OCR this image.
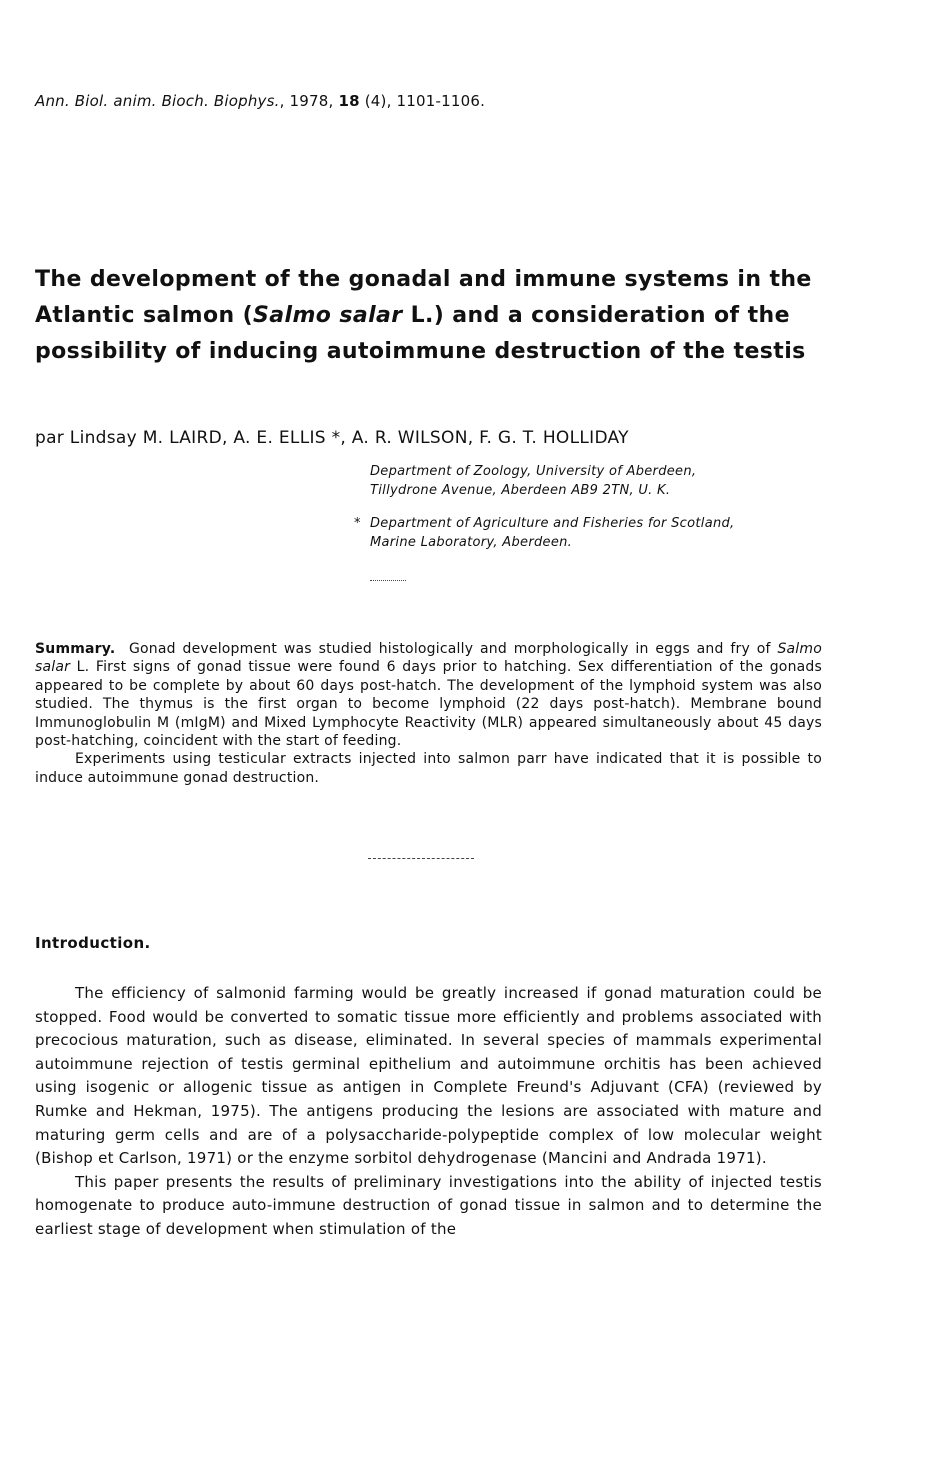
Ann. Biol. anim. Bioch. Biophys., 1978, 18 (4), 1101-1106.
The development of the gonadal and immune systems in the Atlantic salmon (Salmo salar L.) and a consideration of the possibility of inducing autoimmune destruction of the testis
par Lindsay M. LAIRD, A. E. ELLIS *, A. R. WILSON, F. G. T. HOLLIDAY
Department of Zoology, University of Aberdeen,
Tillydrone Avenue, Aberdeen AB9 2TN, U. K.
* Department of Agriculture and Fisheries for Scotland,
Marine Laboratory, Aberdeen.
Summary. Gonad development was studied histologically and morphologically in eggs and fry of Salmo salar L. First signs of gonad tissue were found 6 days prior to hatching. Sex differentiation of the gonads appeared to be complete by about 60 days post-hatch. The development of the lymphoid system was also studied. The thymus is the first organ to become lymphoid (22 days post-hatch). Membrane bound Immunoglobulin M (mIgM) and Mixed Lymphocyte Reactivity (MLR) appeared simultaneously about 45 days post-hatching, coincident with the start of feeding.
Experiments using testicular extracts injected into salmon parr have indicated that it is possible to induce autoimmune gonad destruction.
Introduction.

The efficiency of salmonid farming would be greatly increased if gonad maturation could be stopped. Food would be converted to somatic tissue more efficiently and problems associated with precocious maturation, such as disease, eliminated. In several species of mammals experimental autoimmune rejection of testis germinal epithelium and autoimmune orchitis has been achieved using isogenic or allogenic tissue as antigen in Complete Freund's Adjuvant (CFA) (reviewed by Rumke and Hekman, 1975). The antigens producing the lesions are associated with mature and maturing germ cells and are of a polysaccharide-polypeptide complex of low molecular weight (Bishop et Carlson, 1971) or the enzyme sorbitol dehydrogenase (Mancini and Andrada 1971).

This paper presents the results of preliminary investigations into the ability of injected testis homogenate to produce auto-immune destruction of gonad tissue in salmon and to determine the earliest stage of development when stimulation of the
